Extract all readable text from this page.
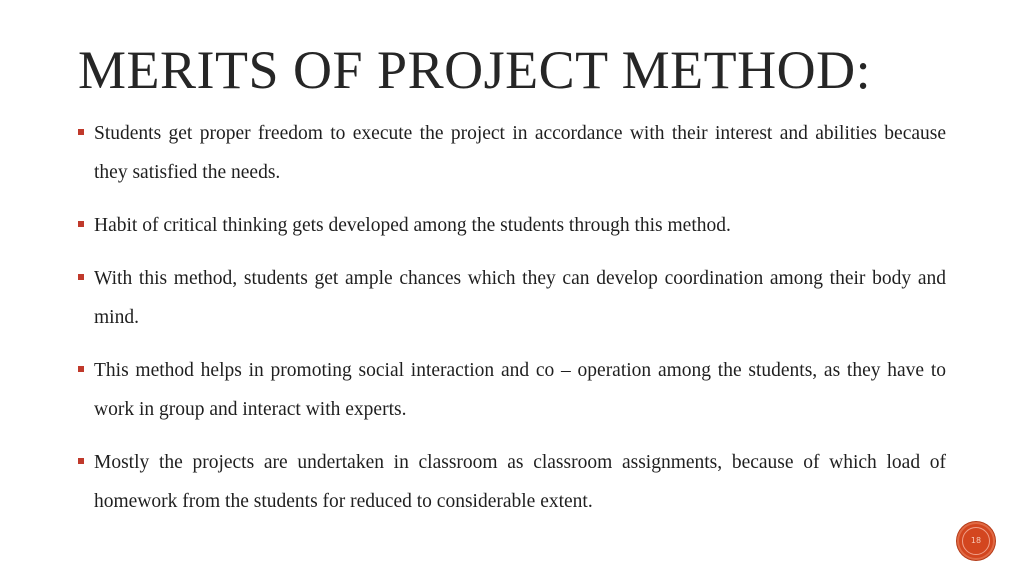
MERITS OF PROJECT METHOD:
Students get proper freedom to execute the project in accordance with their interest and abilities because they satisfied the needs.
Habit of critical thinking gets developed among the students through this method.
With this method, students get ample chances which they can develop coordination among their body and mind.
This method helps in promoting social interaction and co – operation among the students, as they have to work in group and interact with experts.
Mostly the projects are undertaken in classroom as classroom assignments, because of which load of homework from the students for reduced to considerable extent.
18
